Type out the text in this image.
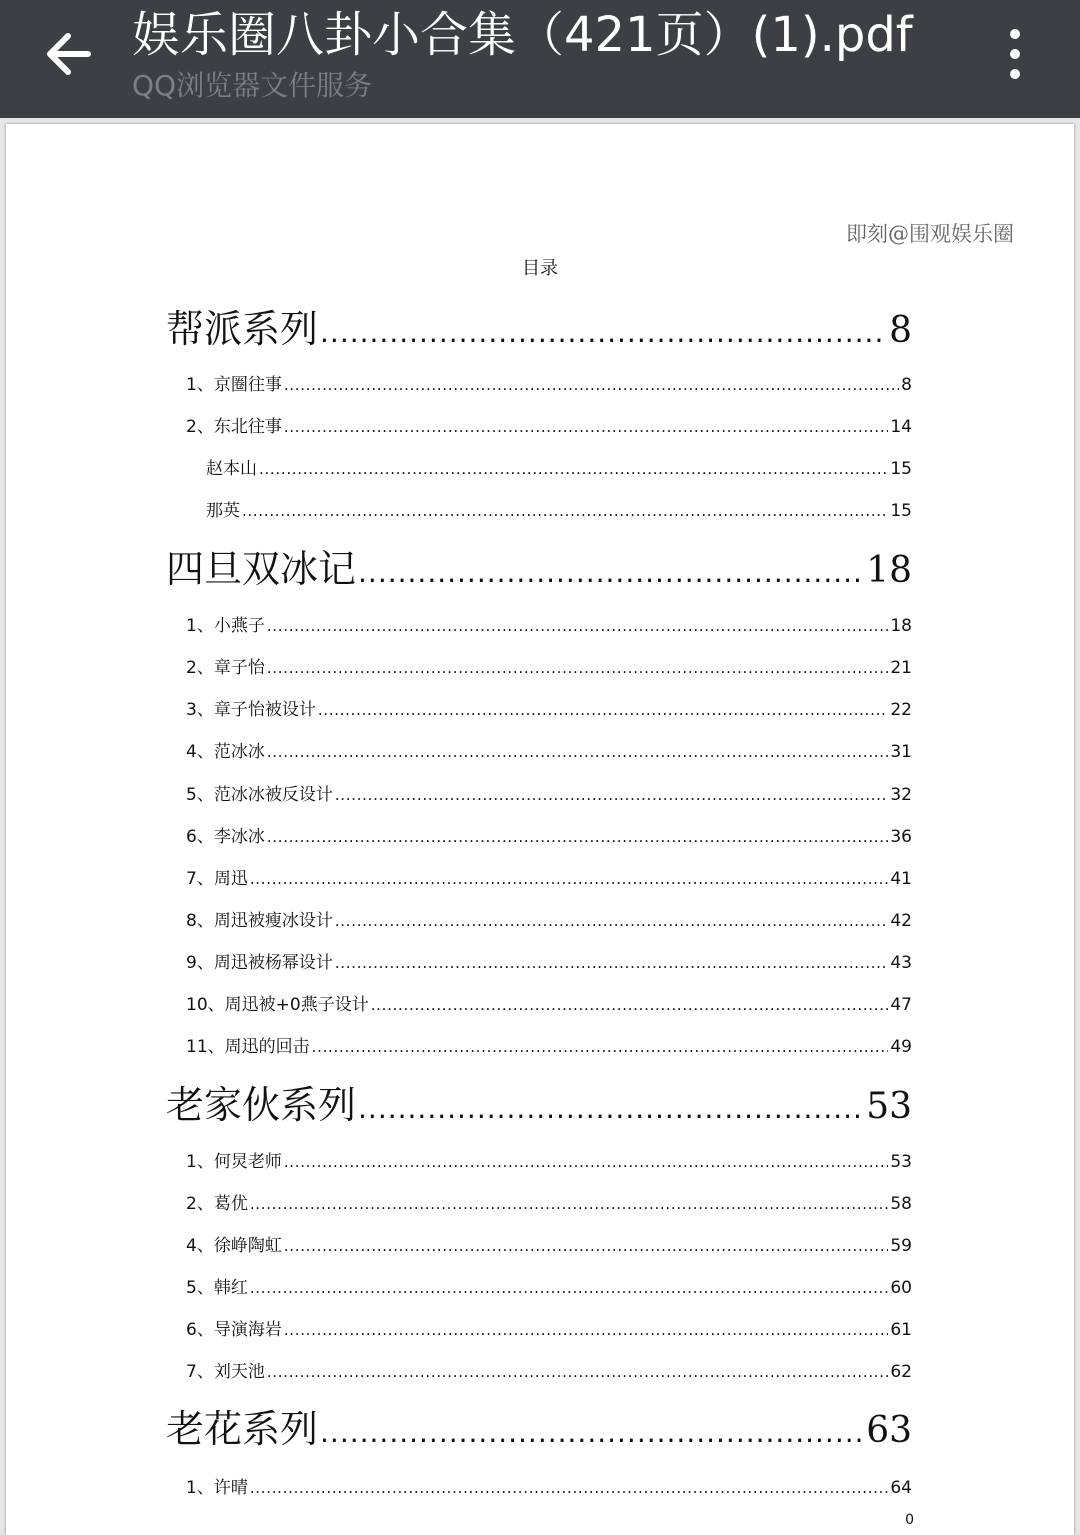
娱乐圈八卦小合集（421页）(1).pdf
QQ浏览器文件服务
即刻@围观娱乐圈
目录
帮派系列 .....	8
1、京圈往事 .....	8
2、东北往事 .....	14
赵本山 .....	15
那英 .....	15
四旦双冰记 .....	18
1、小燕子 .....	18
2、章子怡 .....	21
3、章子怡被设计 .....	22
4、范冰冰 .....	31
5、范冰冰被反设计 .....	32
6、李冰冰 .....	36
7、周迅 .....	41
8、周迅被瘦冰设计 .....	42
9、周迅被杨幂设计 .....	43
10、周迅被+0燕子设计 .....	47
11、周迅的回击 .....	49
老家伙系列 .....	53
1、何炅老师 .....	53
2、葛优 .....	58
4、徐峥陶虹 .....	59
5、韩红 .....	60
6、导演海岩 .....	61
7、刘天池 .....	62
老花系列 .....	63
1、许晴 .....	64
0
